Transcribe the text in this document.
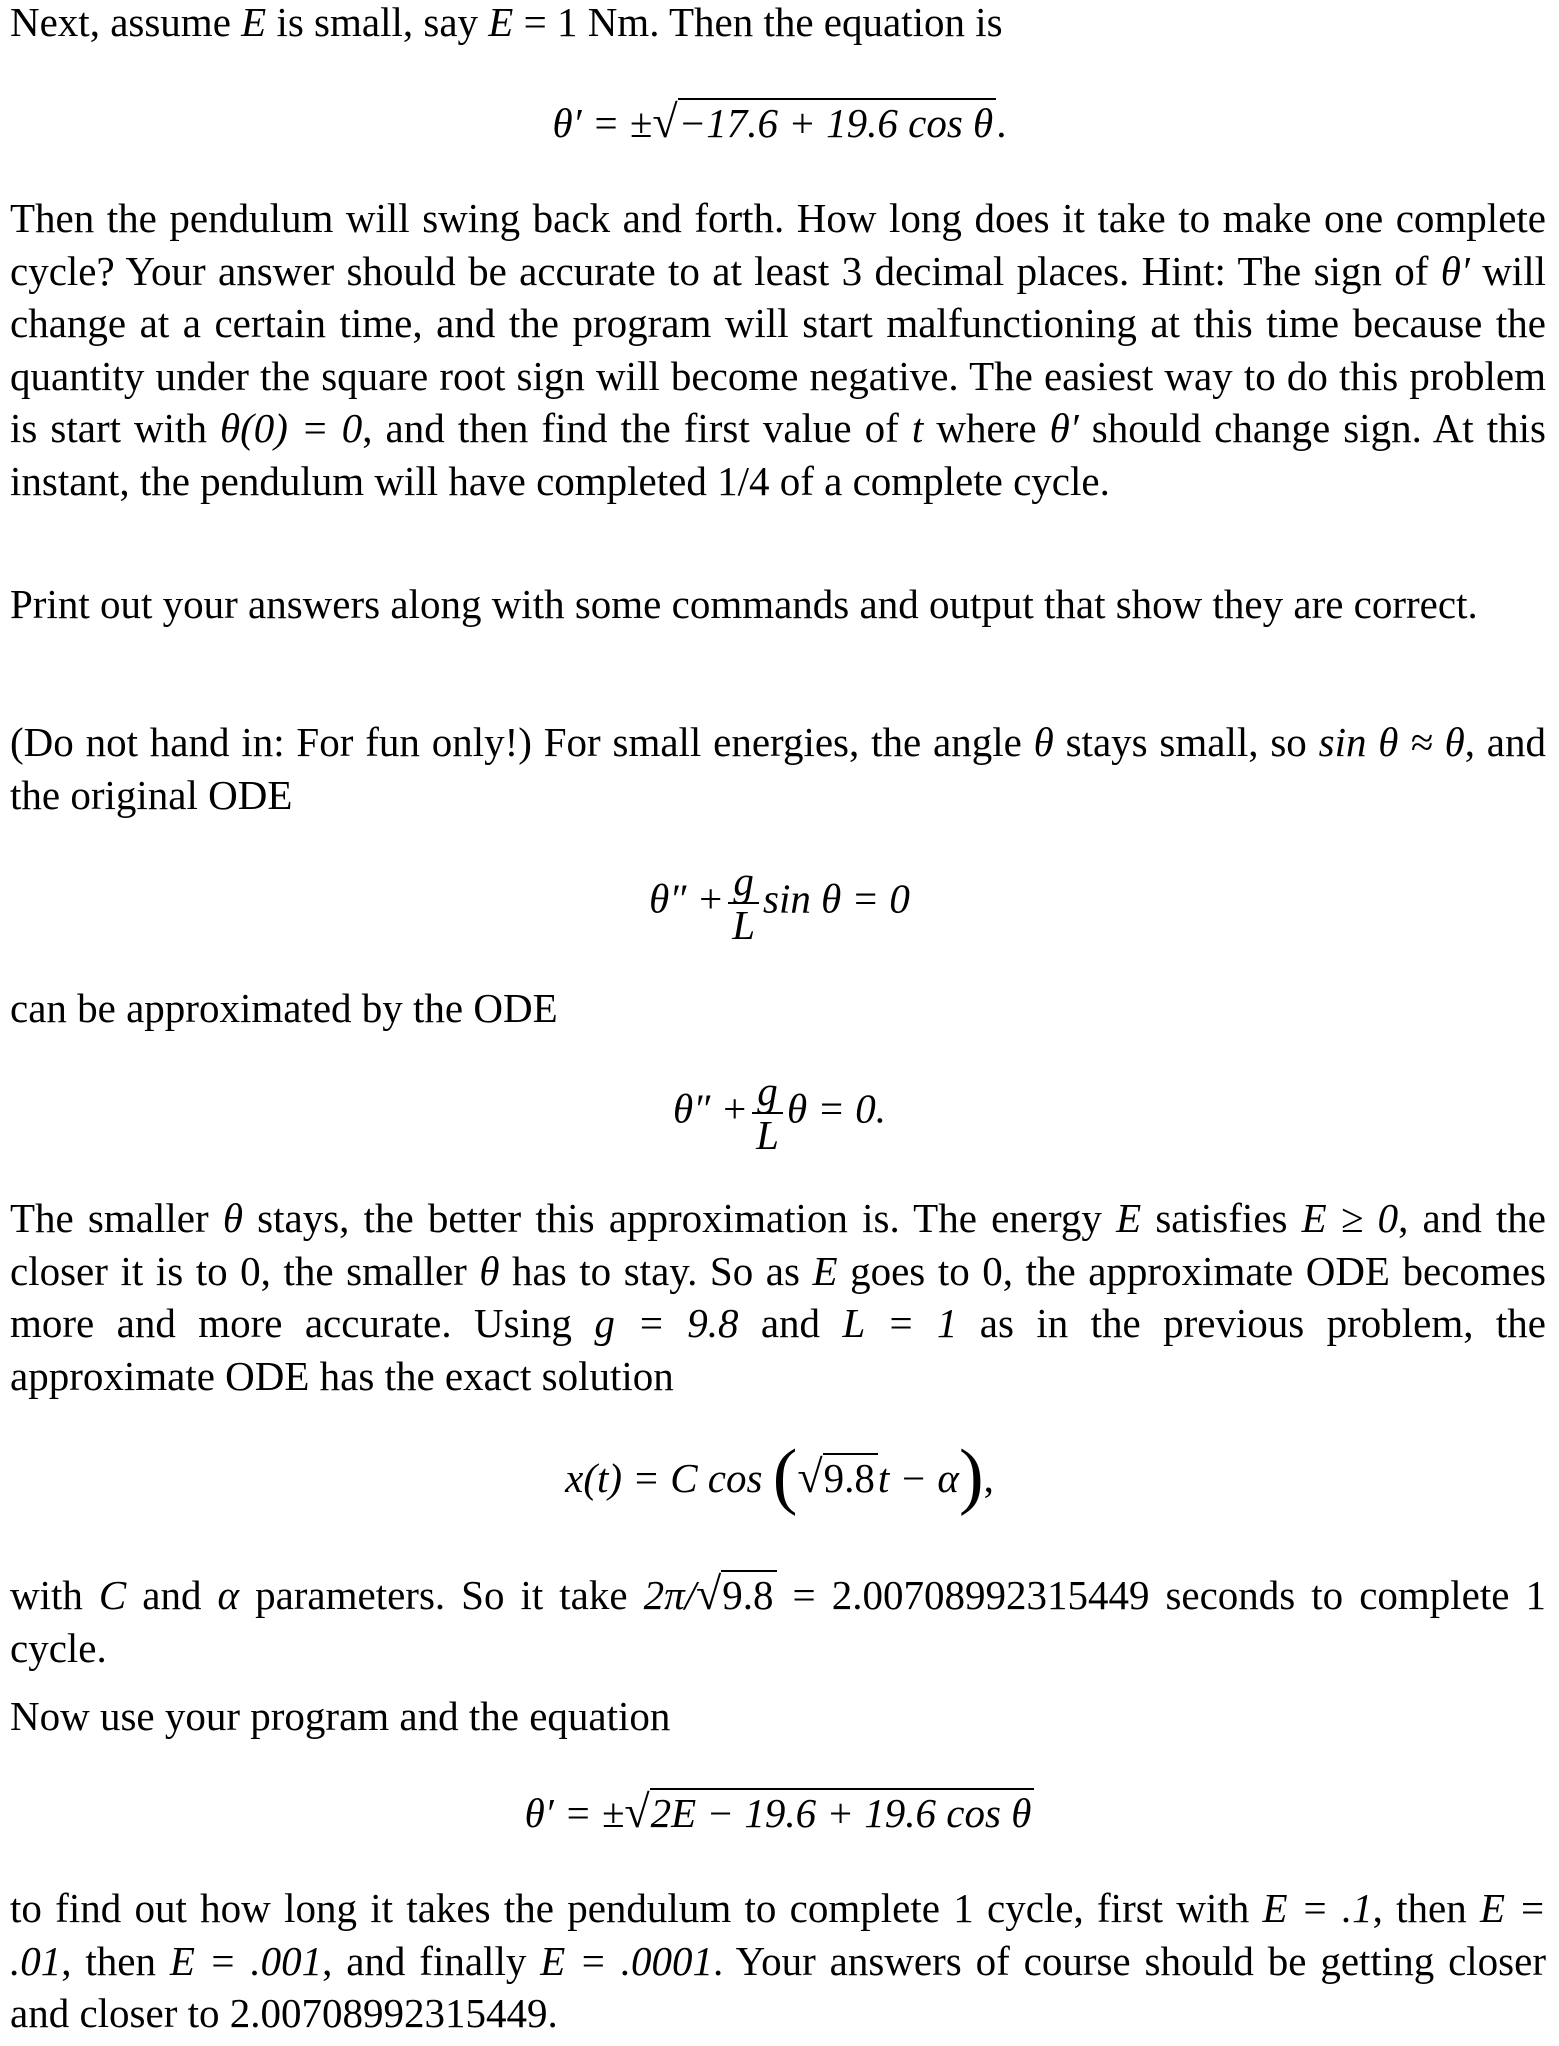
Next, assume E is small, say E = 1 Nm. Then the equation is
θ′ = ±√−17.6 + 19.6 cos θ.
Then the pendulum will swing back and forth. How long does it take to make one complete cycle? Your answer should be accurate to at least 3 decimal places. Hint: The sign of θ′ will change at a certain time, and the program will start malfunctioning at this time because the quantity under the square root sign will become negative. The easiest way to do this problem is start with θ(0) = 0, and then find the first value of t where θ′ should change sign. At this instant, the pendulum will have completed 1/4 of a complete cycle.
Print out your answers along with some commands and output that show they are correct.
(Do not hand in: For fun only!) For small energies, the angle θ stays small, so sin θ ≈ θ, and the original ODE
$\theta'' + \frac{g}{L}$ sin θ = 0
can be approximated by the ODE
$\theta'' + \frac{g}{L}$ θ = 0.
The smaller θ stays, the better this approximation is. The energy E satisfies E ≥ 0, and the closer it is to 0, the smaller θ has to stay. So as E goes to 0, the approximate ODE becomes more and more accurate. Using g = 9.8 and L = 1 as in the previous problem, the approximate ODE has the exact solution
x(t) = C cos (√9.8t − α),
with C and α parameters. So it take 2π/√9.8 = 2.00708992315449 seconds to complete 1 cycle.
Now use your program and the equation
θ′ = ±√2E − 19.6 + 19.6 cos θ
to find out how long it takes the pendulum to complete 1 cycle, first with E = .1, then E = .01, then E = .001, and finally E = .0001. Your answers of course should be getting closer and closer to 2.00708992315449.
